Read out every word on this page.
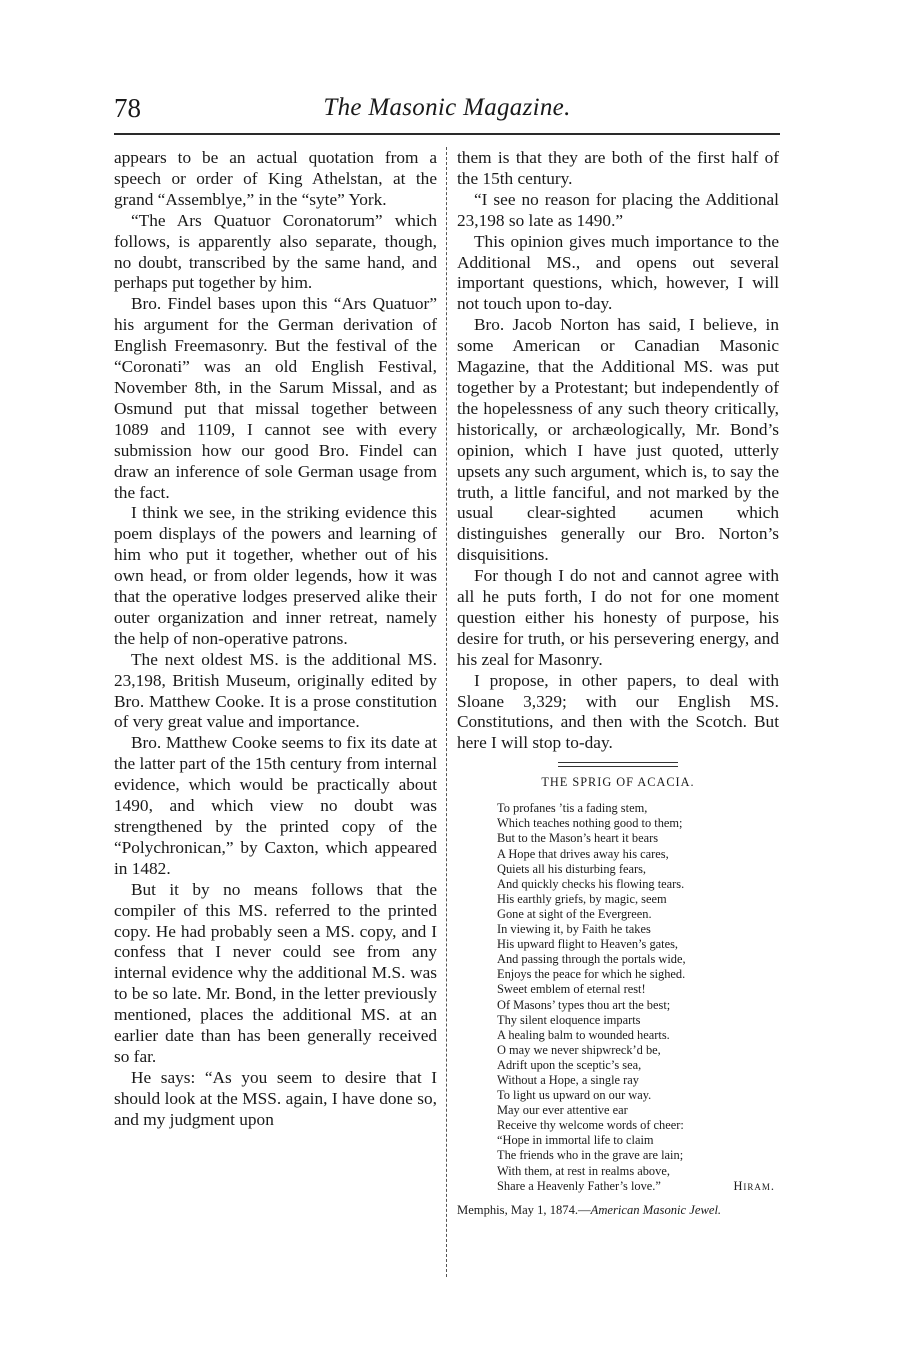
78	The Masonic Magazine.

appears to be an actual quotation from a speech or order of King Athelstan, at the grand “Assemblye,” in the “syte” York.

“The Ars Quatuor Coronatorum” which follows, is apparently also separate, though, no doubt, transcribed by the same hand, and perhaps put together by him.

Bro. Findel bases upon this “Ars Quatuor” his argument for the German derivation of English Freemasonry. But the festival of the “Coronati” was an old English Festival, November 8th, in the Sarum Missal, and as Osmund put that missal together between 1089 and 1109, I cannot see with every submission how our good Bro. Findel can draw an inference of sole German usage from the fact.

I think we see, in the striking evidence this poem displays of the powers and learning of him who put it together, whether out of his own head, or from older legends, how it was that the operative lodges preserved alike their outer organization and inner retreat, namely the help of non-operative patrons.

The next oldest MS. is the additional MS. 23,198, British Museum, originally edited by Bro. Matthew Cooke. It is a prose constitution of very great value and importance.

Bro. Matthew Cooke seems to fix its date at the latter part of the 15th century from internal evidence, which would be practically about 1490, and which view no doubt was strengthened by the printed copy of the “Polychronican,” by Caxton, which appeared in 1482.

But it by no means follows that the compiler of this MS. referred to the printed copy. He had probably seen a MS. copy, and I confess that I never could see from any internal evidence why the additional M.S. was to be so late. Mr. Bond, in the letter previously mentioned, places the additional MS. at an earlier date than has been generally received so far.

He says: “As you seem to desire that I should look at the MSS. again, I have done so, and my judgment upon

them is that they are both of the first half of the 15th century.

“I see no reason for placing the Additional 23,198 so late as 1490.”

This opinion gives much importance to the Additional MS., and opens out several important questions, which, however, I will not touch upon to-day.

Bro. Jacob Norton has said, I believe, in some American or Canadian Masonic Magazine, that the Additional MS. was put together by a Protestant; but independently of the hopelessness of any such theory critically, historically, or archæologically, Mr. Bond’s opinion, which I have just quoted, utterly upsets any such argument, which is, to say the truth, a little fanciful, and not marked by the usual clear-sighted acumen which distinguishes generally our Bro. Norton’s disquisitions.

For though I do not and cannot agree with all he puts forth, I do not for one moment question either his honesty of purpose, his desire for truth, or his persevering energy, and his zeal for Masonry.

I propose, in other papers, to deal with Sloane 3,329; with our English MS. Constitutions, and then with the Scotch. But here I will stop to-day.

THE SPRIG OF ACACIA.
To profanes ’tis a fading stem,
Which teaches nothing good to them;
But to the Mason’s heart it bears
A Hope that drives away his cares,
Quiets all his disturbing fears,
And quickly checks his flowing tears.
His earthly griefs, by magic, seem
Gone at sight of the Evergreen.
In viewing it, by Faith he takes
His upward flight to Heaven’s gates,
And passing through the portals wide,
Enjoys the peace for which he sighed.
Sweet emblem of eternal rest!
Of Masons’ types thou art the best;
Thy silent eloquence imparts
A healing balm to wounded hearts.
O may we never shipwreck’d be,
Adrift upon the sceptic’s sea,
Without a Hope, a single ray
To light us upward on our way.
May our ever attentive ear
Receive thy welcome words of cheer:
“Hope in immortal life to claim
The friends who in the grave are lain;
With them, at rest in realms above,
Share a Heavenly Father’s love.”	Hiram.
Memphis, May 1, 1874.—American Masonic Jewel.
